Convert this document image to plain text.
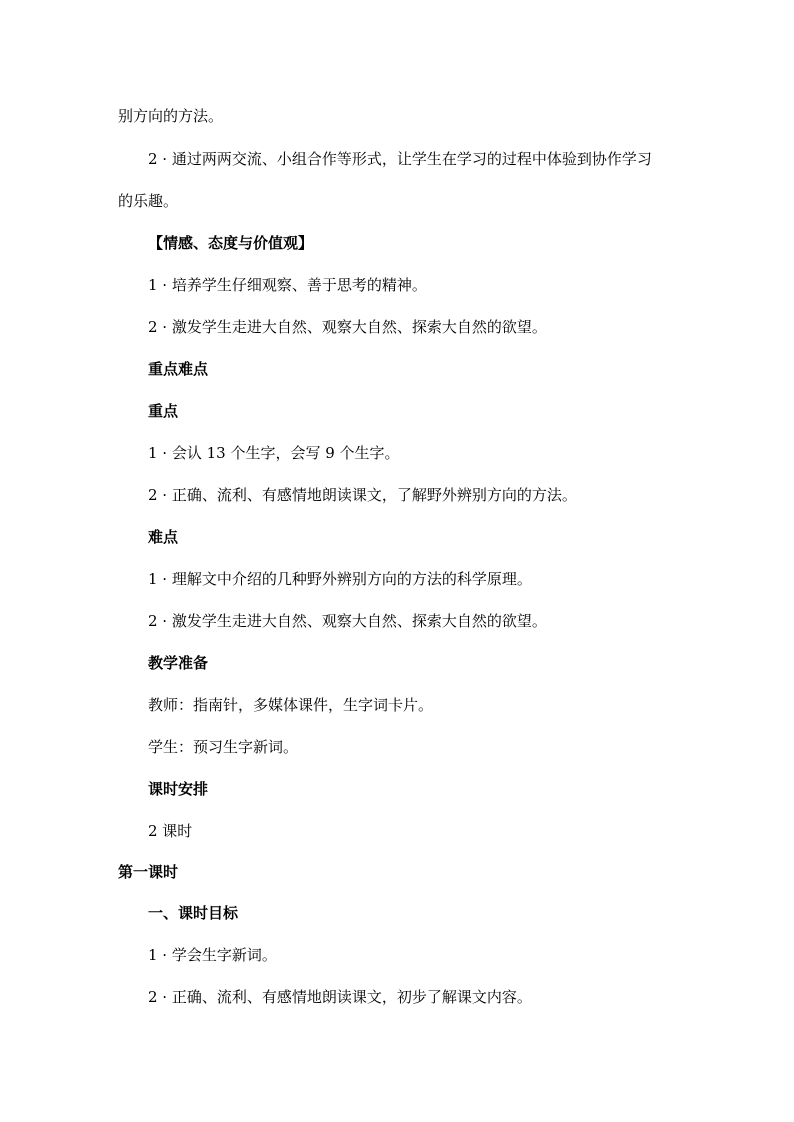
别方向的方法。
2 · 通过两两交流、小组合作等形式，让学生在学习的过程中体验到协作学习
的乐趣。
【情感、态度与价值观】
1 · 培养学生仔细观察、善于思考的精神。
2 · 激发学生走进大自然、观察大自然、探索大自然的欲望。
重点难点
重点
1 · 会认 13 个生字，会写 9 个生字。
2 · 正确、流利、有感情地朗读课文，了解野外辨别方向的方法。
难点
1 · 理解文中介绍的几种野外辨别方向的方法的科学原理。
2 · 激发学生走进大自然、观察大自然、探索大自然的欲望。
教学准备
教师：指南针，多媒体课件，生字词卡片。
学生：预习生字新词。
课时安排
2 课时
第一课时
一、课时目标
1 · 学会生字新词。
2 · 正确、流利、有感情地朗读课文，初步了解课文内容。
